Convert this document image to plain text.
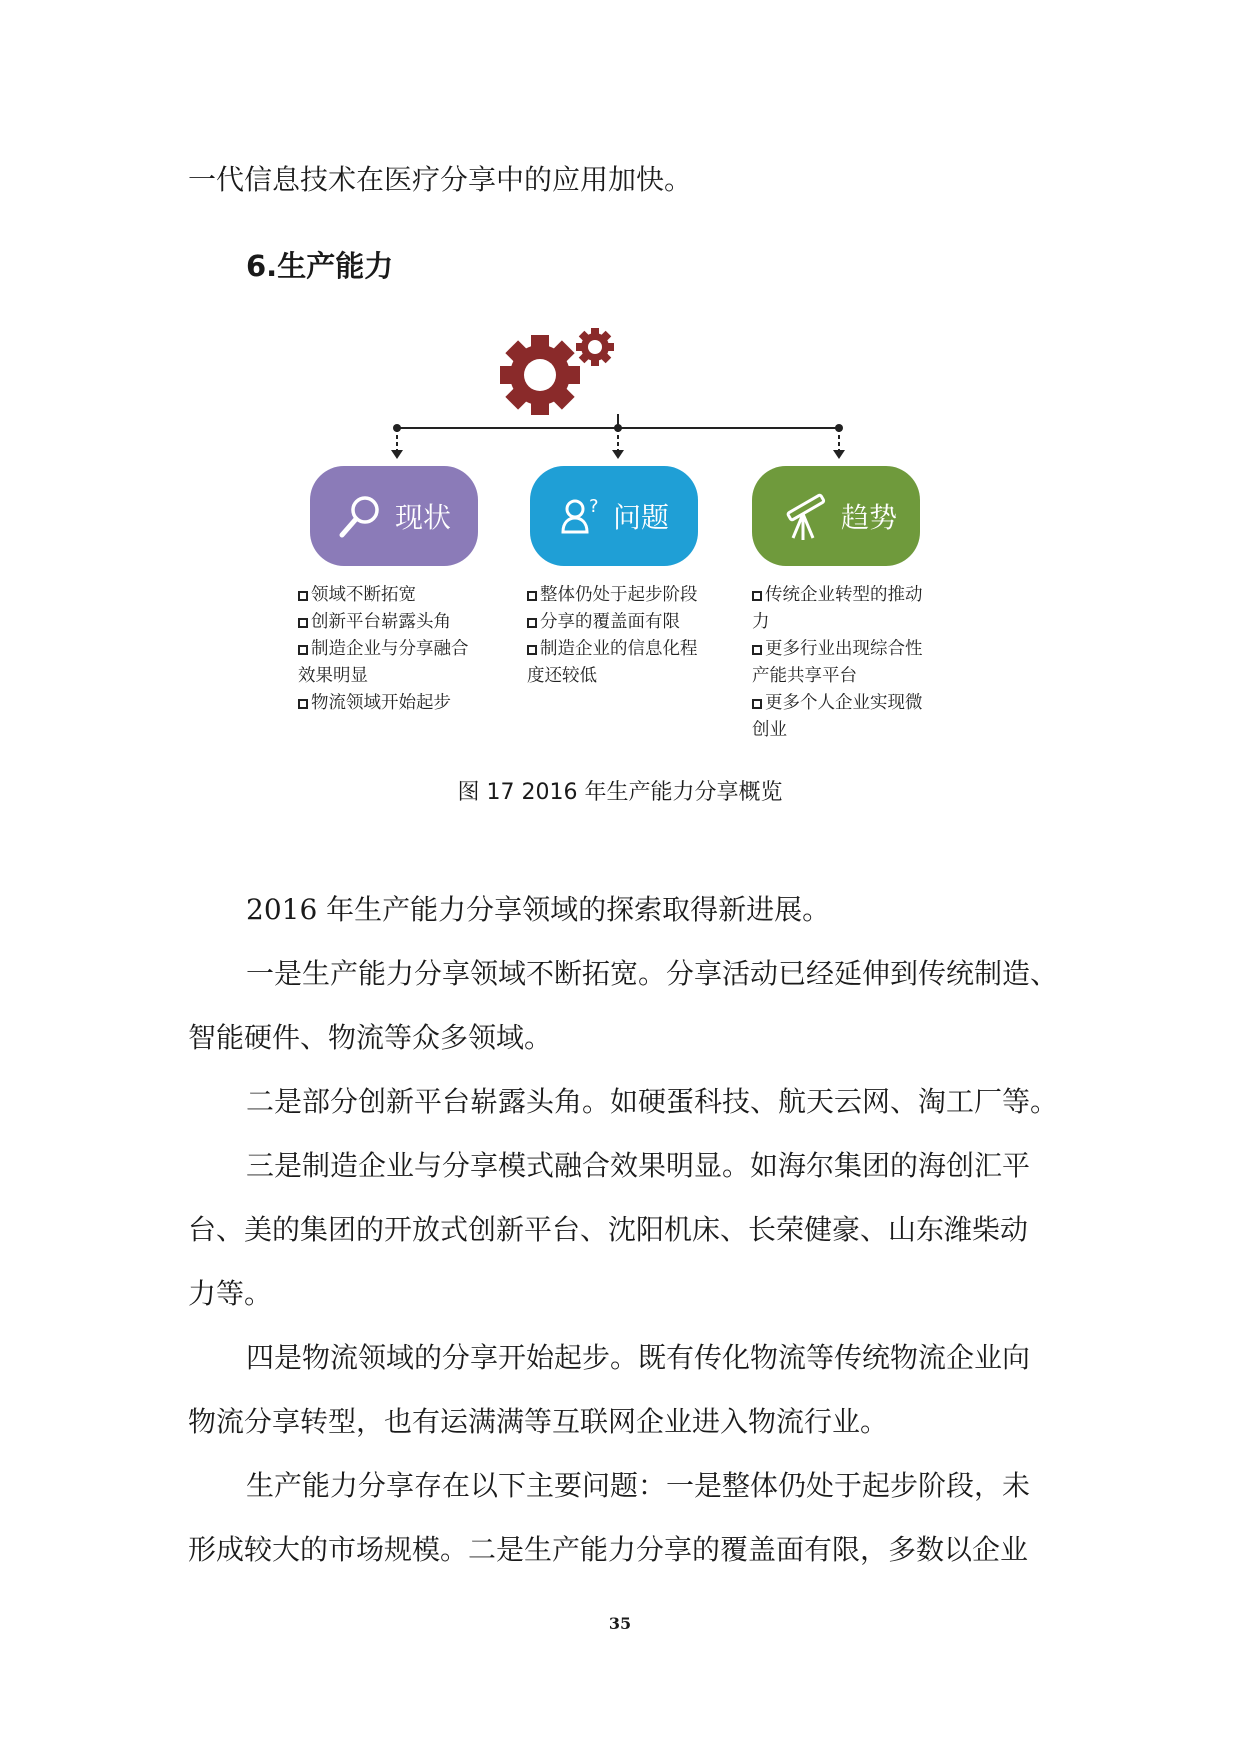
一代信息技术在医疗分享中的应用加快。
6.生产能力
现状	? 问题	趋势
领域不断拓宽
创新平台崭露头角
制造企业与分享融合
效果明显
物流领域开始起步
整体仍处于起步阶段
分享的覆盖面有限
制造企业的信息化程
度还较低
传统企业转型的推动
力
更多行业出现综合性
产能共享平台
更多个人企业实现微
创业
图 17 2016 年生产能力分享概览
2016 年生产能力分享领域的探索取得新进展。
一是生产能力分享领域不断拓宽。分享活动已经延伸到传统制造、
智能硬件、物流等众多领域。
二是部分创新平台崭露头角。如硬蛋科技、航天云网、淘工厂等。
三是制造企业与分享模式融合效果明显。如海尔集团的海创汇平
台、美的集团的开放式创新平台、沈阳机床、长荣健豪、山东潍柴动
力等。
四是物流领域的分享开始起步。既有传化物流等传统物流企业向
物流分享转型，也有运满满等互联网企业进入物流行业。
生产能力分享存在以下主要问题：一是整体仍处于起步阶段，未
形成较大的市场规模。二是生产能力分享的覆盖面有限，多数以企业
35
